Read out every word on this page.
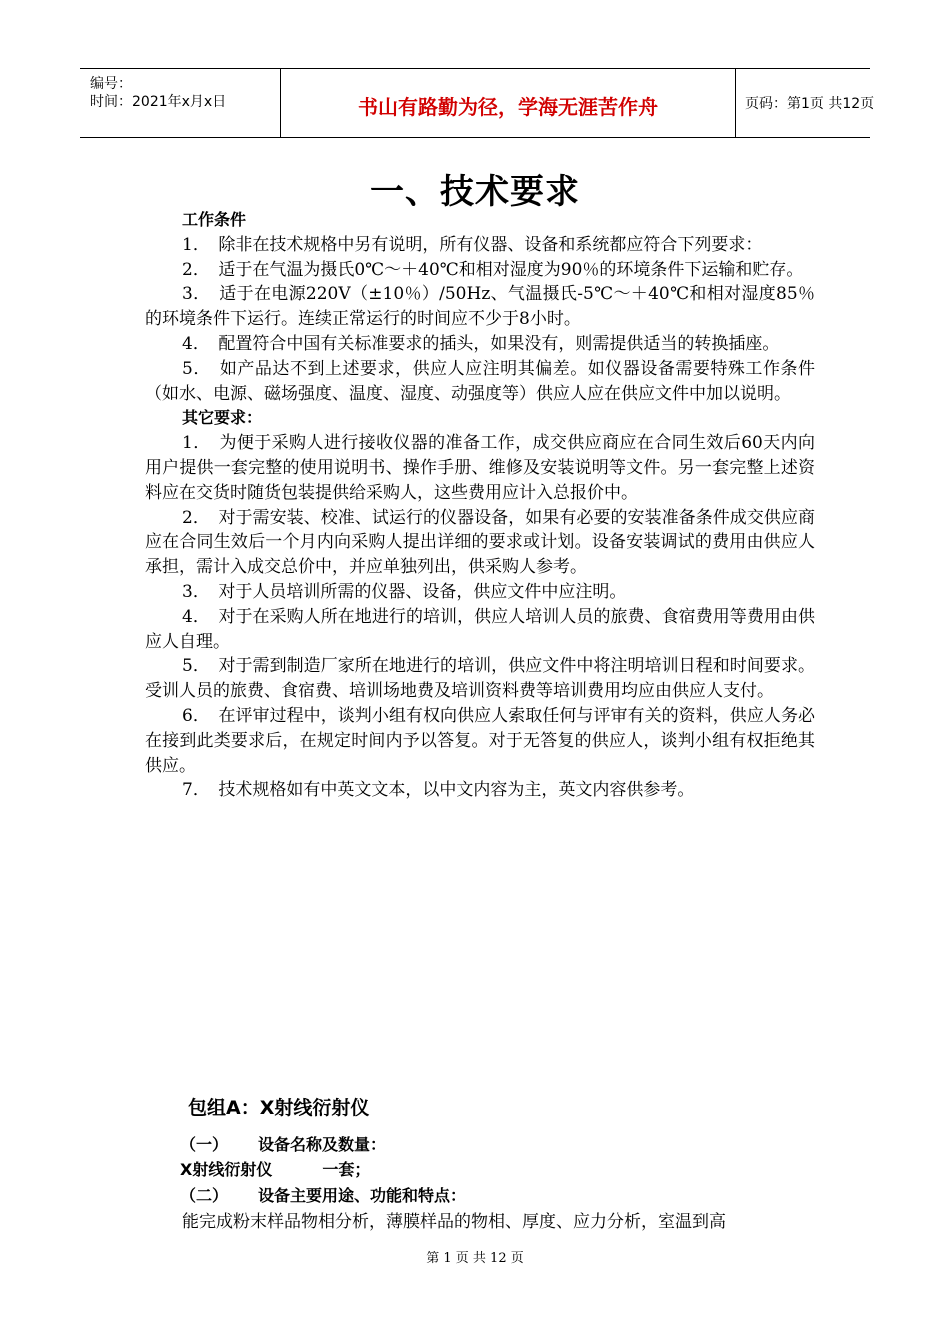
编号：
时间：2021年x月x日	书山有路勤为径，学海无涯苦作舟	页码：第1页 共12页
一、技术要求

工作条件

1．　除非在技术规格中另有说明，所有仪器、设备和系统都应符合下列要求：

2．　适于在气温为摄氏0℃～＋40℃和相对湿度为90％的环境条件下运输和贮存。

3．　适于在电源220V（±10％）/50Hz、气温摄氏-5℃～＋40℃和相对湿度85％的环境条件下运行。连续正常运行的时间应不少于8小时。

4．　配置符合中国有关标准要求的插头，如果没有，则需提供适当的转换插座。

5．　如产品达不到上述要求，供应人应注明其偏差。如仪器设备需要特殊工作条件（如水、电源、磁场强度、温度、湿度、动强度等）供应人应在供应文件中加以说明。

其它要求：

1．　为便于采购人进行接收仪器的准备工作，成交供应商应在合同生效后60天内向用户提供一套完整的使用说明书、操作手册、维修及安装说明等文件。另一套完整上述资料应在交货时随货包装提供给采购人，这些费用应计入总报价中。

2．　对于需安装、校准、试运行的仪器设备，如果有必要的安装准备条件成交供应商应在合同生效后一个月内向采购人提出详细的要求或计划。设备安装调试的费用由供应人承担，需计入成交总价中，并应单独列出，供采购人参考。

3．　对于人员培训所需的仪器、设备，供应文件中应注明。

4．　对于在采购人所在地进行的培训，供应人培训人员的旅费、食宿费用等费用由供应人自理。

5．　对于需到制造厂家所在地进行的培训，供应文件中将注明培训日程和时间要求。受训人员的旅费、食宿费、培训场地费及培训资料费等培训费用均应由供应人支付。

6．　在评审过程中，谈判小组有权向供应人索取任何与评审有关的资料，供应人务必在接到此类要求后，在规定时间内予以答复。对于无答复的供应人，谈判小组有权拒绝其供应。

7．　技术规格如有中英文文本，以中文内容为主，英文内容供参考。

包组A：X射线衍射仪
（一） 设备名称及数量：
X射线衍射仪	一套；
（二） 设备主要用途、功能和特点：
能完成粉末样品物相分析，薄膜样品的物相、厚度、应力分析，室温到高
第 1 页 共 12 页
